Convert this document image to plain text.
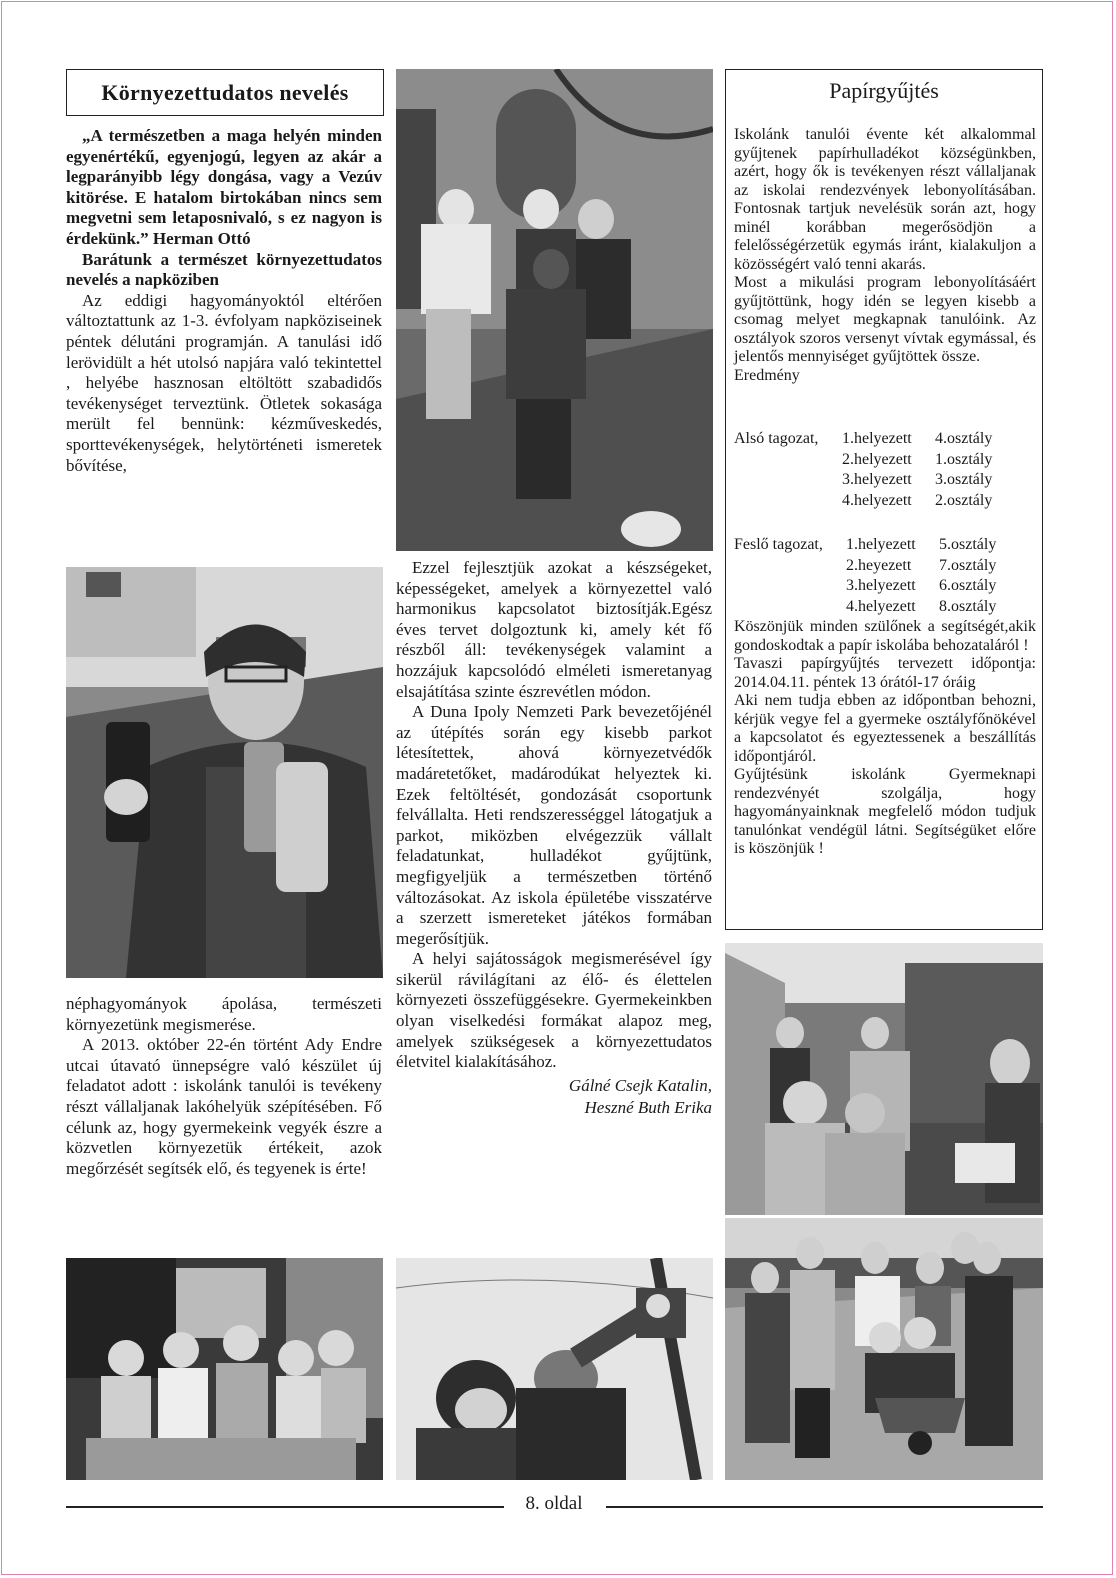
Környezettudatos nevelés

„A természetben a maga helyén minden egyenértékű, egyenjogú, legyen az akár a legparányibb légy dongása, vagy a Vezúv kitörése. E hatalom birtokában nincs sem megvetni sem letaposnivaló, s ez nagyon is érdekünk.” Herman Ottó

Barátunk a természet környezettudatos nevelés a napköziben

Az eddigi hagyományoktól eltérően változtattunk az 1-3. évfolyam napköziseinek péntek délutáni programján. A tanulási idő lerövidült a hét utolsó napjára való tekintettel , helyébe hasznosan eltöltött szabadidős tevékenységet terveztünk. Ötletek sokasága merült fel bennünk: kézműveskedés, sporttevékenységek, helytörténeti ismeretek bővítése,

néphagyományok ápolása, természeti környezetünk megismerése.

A 2013. október 22-én történt Ady Endre utcai útavató ünnepségre való készület új feladatot adott : iskolánk tanulói is tevékeny részt vállaljanak lakóhelyük szépítésében. Fő célunk az, hogy gyermekeink vegyék észre a közvetlen környezetük értékeit, azok megőrzését segítsék elő, és tegyenek is érte!

Ezzel fejlesztjük azokat a készségeket, képességeket, amelyek a környezettel való harmonikus kapcsolatot biztosítják.Egész éves tervet dolgoztunk ki, amely két fő részből áll: tevékenységek valamint a hozzájuk kapcsolódó elméleti ismeretanyag elsajátítása szinte észrevétlen módon.

A Duna Ipoly Nemzeti Park bevezetőjénél az útépítés során egy kisebb parkot létesítettek, ahová környezetvédők madáretetőket, madárodúkat helyeztek ki. Ezek feltöltését, gondozását csoportunk felvállalta. Heti rendszerességgel látogatjuk a parkot, miközben elvégezzük vállalt feladatunkat, hulladékot gyűjtünk, megfigyeljük a természetben történő változásokat. Az iskola épületébe visszatérve a szerzett ismereteket játékos formában megerősítjük.

A helyi sajátosságok megismerésével így sikerül rávilágítani az élő- és élettelen környezeti összefüggésekre. Gyermekeinkben olyan viselkedési formákat alapoz meg, amelyek szükségesek a környezettudatos életvitel kialakításához.

Gálné Csejk Katalin,
Heszné Buth Erika
Papírgyűjtés

Iskolánk tanulói évente két alkalommal gyűjtenek papírhulladékot községünkben, azért, hogy ők is tevékenyen részt vállaljanak az iskolai rendezvények lebonyolításában. Fontosnak tartjuk nevelésük során azt, hogy minél korábban megerősödjön a felelősségérzetük egymás iránt, kialakuljon a közösségért való tenni akarás.

Most a mikulási program lebonyolításáért gyűjtöttünk, hogy idén se legyen kisebb a csomag melyet megkapnak tanulóink. Az osztályok szoros versenyt vívtak egymással, és jelentős mennyiséget gyűjtöttek össze.

Eredmény
Alsó tagozat,	1.helyezett	4.osztály
2.helyezett	1.osztály
3.helyezett	3.osztály
4.helyezett	2.osztály
Feslő tagozat,	1.helyezett	5.osztály
2.heyezett	7.osztály
3.helyezett	6.osztály
4.helyezett	8.osztály

Köszönjük minden szülőnek a segítségét,akik gondoskodtak a papír iskolába behozataláról !

Tavaszi papírgyűjtés tervezett időpontja: 2014.04.11. péntek 13 órától-17 óráig

Aki nem tudja ebben az időpontban behozni, kérjük vegye fel a gyermeke osztályfőnökével a kapcsolatot és egyeztessenek a beszállítás időpontjáról.

Gyűjtésünk iskolánk Gyermeknapi rendezvényét szolgálja, hogy hagyományainknak megfelelő módon tudjuk tanulónkat vendégül látni. Segítségüket előre is köszönjük !

8. oldal
